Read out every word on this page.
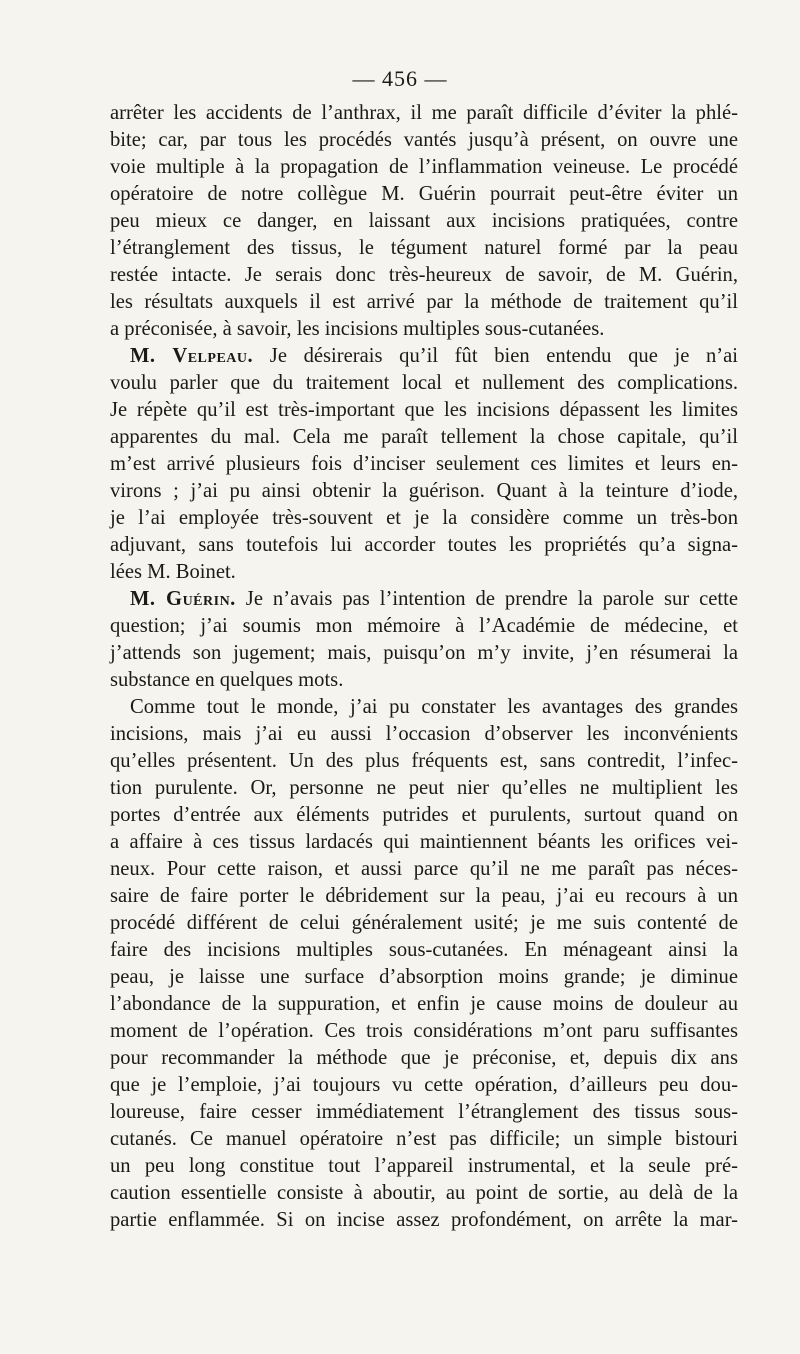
— 456 —
arrêter les accidents de l’anthrax, il me paraît difficile d’éviter la phlé-
bite; car, par tous les procédés vantés jusqu’à présent, on ouvre une
voie multiple à la propagation de l’inflammation veineuse. Le procédé
opératoire de notre collègue M. Guérin pourrait peut-être éviter un
peu mieux ce danger, en laissant aux incisions pratiquées, contre
l’étranglement des tissus, le tégument naturel formé par la peau
restée intacte. Je serais donc très-heureux de savoir, de M. Guérin,
les résultats auxquels il est arrivé par la méthode de traitement qu’il
a préconisée, à savoir, les incisions multiples sous-cutanées.
M. Velpeau. Je désirerais qu’il fût bien entendu que je n’ai
voulu parler que du traitement local et nullement des complications.
Je répète qu’il est très-important que les incisions dépassent les limites
apparentes du mal. Cela me paraît tellement la chose capitale, qu’il
m’est arrivé plusieurs fois d’inciser seulement ces limites et leurs en-
virons ; j’ai pu ainsi obtenir la guérison. Quant à la teinture d’iode,
je l’ai employée très-souvent et je la considère comme un très-bon
adjuvant, sans toutefois lui accorder toutes les propriétés qu’a signa-
lées M. Boinet.
M. Guérin. Je n’avais pas l’intention de prendre la parole sur cette
question; j’ai soumis mon mémoire à l’Académie de médecine, et
j’attends son jugement; mais, puisqu’on m’y invite, j’en résumerai la
substance en quelques mots.
Comme tout le monde, j’ai pu constater les avantages des grandes
incisions, mais j’ai eu aussi l’occasion d’observer les inconvénients
qu’elles présentent. Un des plus fréquents est, sans contredit, l’infec-
tion purulente. Or, personne ne peut nier qu’elles ne multiplient les
portes d’entrée aux éléments putrides et purulents, surtout quand on
a affaire à ces tissus lardacés qui maintiennent béants les orifices vei-
neux. Pour cette raison, et aussi parce qu’il ne me paraît pas néces-
saire de faire porter le débridement sur la peau, j’ai eu recours à un
procédé différent de celui généralement usité; je me suis contenté de
faire des incisions multiples sous-cutanées. En ménageant ainsi la
peau, je laisse une surface d’absorption moins grande; je diminue
l’abondance de la suppuration, et enfin je cause moins de douleur au
moment de l’opération. Ces trois considérations m’ont paru suffisantes
pour recommander la méthode que je préconise, et, depuis dix ans
que je l’emploie, j’ai toujours vu cette opération, d’ailleurs peu dou-
loureuse, faire cesser immédiatement l’étranglement des tissus sous-
cutanés. Ce manuel opératoire n’est pas difficile; un simple bistouri
un peu long constitue tout l’appareil instrumental, et la seule pré-
caution essentielle consiste à aboutir, au point de sortie, au delà de la
partie enflammée. Si on incise assez profondément, on arrête la mar-
